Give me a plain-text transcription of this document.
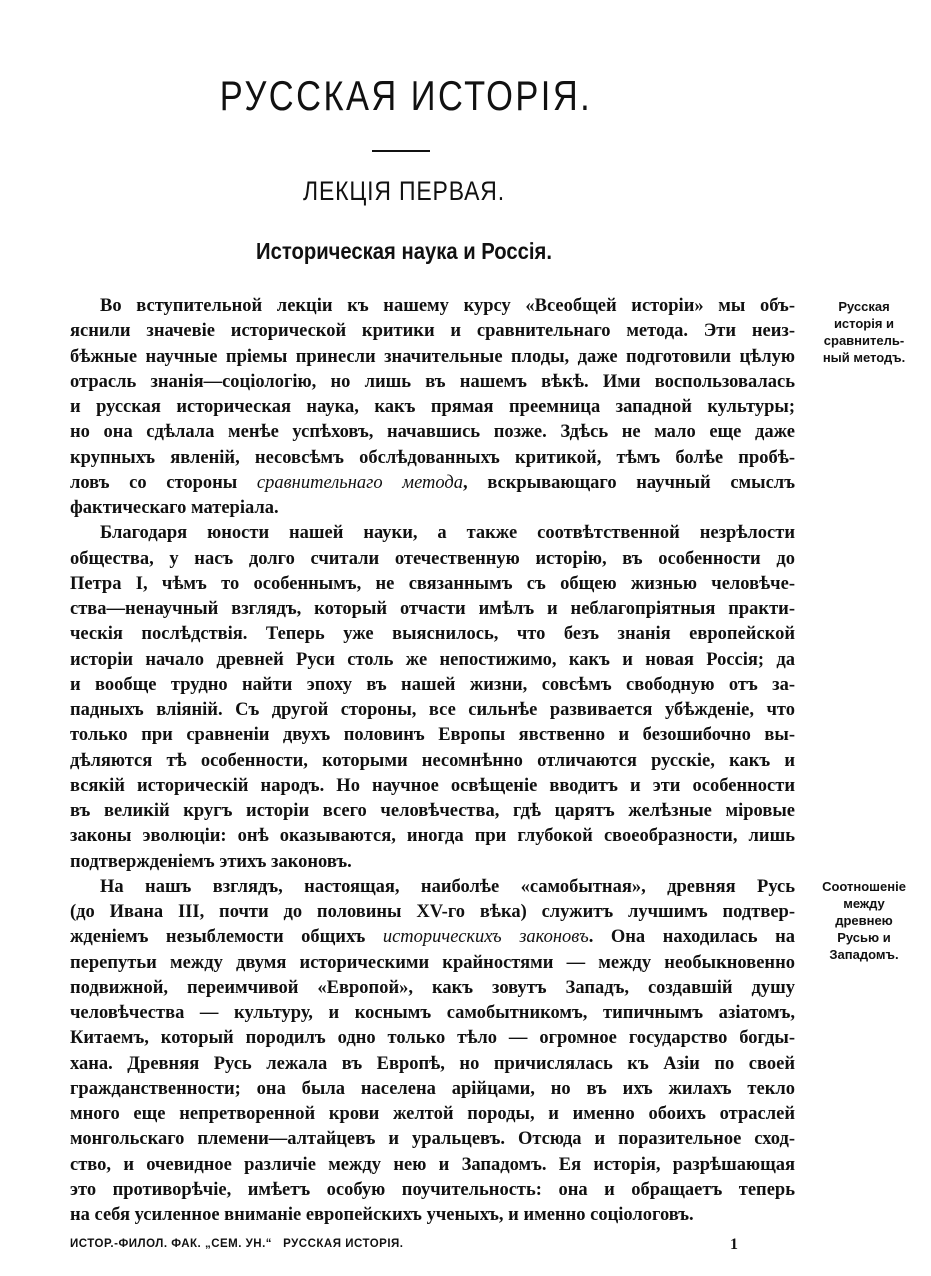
РУССКАЯ ИСТОРІЯ.
ЛЕКЦІЯ ПЕРВАЯ.
Историческая наука и Россія.
Во вступительной лекціи къ нашему курсу «Всеобщей исторіи» мы объ-
яснили значевіе исторической критики и сравнительнаго метода. Эти неиз-
бѣжные научные пріемы принесли значительные плоды, даже подготовили цѣлую
отрасль знанія—соціологію, но лишь въ нашемъ вѣкѣ. Ими воспользовалась
и русская историческая наука, какъ прямая преемница западной культуры;
но она сдѣлала менѣе успѣховъ, начавшись позже. Здѣсь не мало еще даже
крупныхъ явленій, несовсѣмъ обслѣдованныхъ критикой, тѣмъ болѣе пробѣ-
ловъ со стороны сравнительнаго метода, вскрывающаго научный смыслъ
фактическаго матеріала.
Благодаря юности нашей науки, а также соотвѣтственной незрѣлости
общества, у насъ долго считали отечественную исторію, въ особенности до
Петра I, чѣмъ то особеннымъ, не связаннымъ съ общею жизнью человѣче-
ства—ненаучный взглядъ, который отчасти имѣлъ и неблагопріятныя практи-
ческія послѣдствія. Теперь уже выяснилось, что безъ знанія европейской
исторіи начало древней Руси столь же непостижимо, какъ и новая Россія; да
и вообще трудно найти эпоху въ нашей жизни, совсѣмъ свободную отъ за-
падныхъ вліяній. Съ другой стороны, все сильнѣе развивается убѣжденіе, что
только при сравненіи двухъ половинъ Европы явственно и безошибочно вы-
дѣляются тѣ особенности, которыми несомнѣнно отличаются русскіе, какъ и
всякій историческій народъ. Но научное освѣщеніе вводитъ и эти особенности
въ великій кругъ исторіи всего человѣчества, гдѣ царятъ желѣзные міровые
законы эволюціи: онѣ оказываются, иногда при глубокой своеобразности, лишь
подтвержденіемъ этихъ законовъ.
На нашъ взглядъ, настоящая, наиболѣе «самобытная», древняя Русь
(до Ивана III, почти до половины XV-го вѣка) служитъ лучшимъ подтвер-
жденіемъ незыблемости общихъ историческихъ законовъ. Она находилась на
перепутьи между двумя историческими крайностями — между необыкновенно
подвижной, переимчивой «Европой», какъ зовутъ Западъ, создавшій душу
человѣчества — культуру, и коснымъ самобытникомъ, типичнымъ азіатомъ,
Китаемъ, который породилъ одно только тѣло — огромное государство богды-
хана. Древняя Русь лежала въ Европѣ, но причислялась къ Азіи по своей
гражданственности; она была населена арійцами, но въ ихъ жилахъ текло
много еще непретворенной крови желтой породы, и именно обоихъ отраслей
монгольскаго племени—алтайцевъ и уральцевъ. Отсюда и поразительное сход-
ство, и очевидное различіе между нею и Западомъ. Ея исторія, разрѣшающая
это противорѣчіе, имѣетъ особую поучительность: она и обращаетъ теперь
на себя усиленное вниманіе европейскихъ ученыхъ, и именно соціологовъ.
Русская
исторія и
сравнитель-
ный методъ.
Соотношеніе
между
древнею
Русью и
Западомъ.
ИСТОР.-ФИЛОЛ. ФАК. „СЕМ. УН.“   РУССКАЯ ИСТОРІЯ.	1
